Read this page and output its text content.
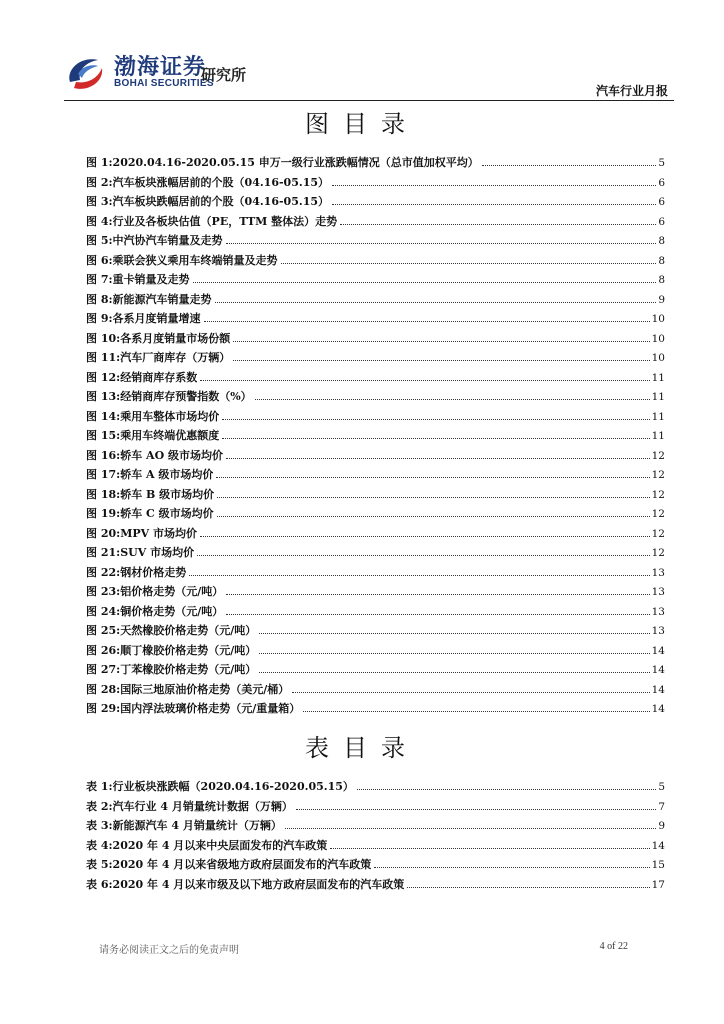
渤海证券
BOHAI SECURITIES
研究所
汽车行业月报
图目录
图 1: 2020.04.16-2020.05.15 申万一级行业涨跌幅情况（总市值加权平均）	5
图 2: 汽车板块涨幅居前的个股（04.16-05.15）	6
图 3: 汽车板块跌幅居前的个股（04.16-05.15）	6
图 4: 行业及各板块估值（PE，TTM 整体法）走势	6
图 5: 中汽协汽车销量及走势	8
图 6: 乘联会狭义乘用车终端销量及走势	8
图 7: 重卡销量及走势	8
图 8: 新能源汽车销量走势	9
图 9: 各系月度销量增速	10
图 10: 各系月度销量市场份额	10
图 11: 汽车厂商库存（万辆）	10
图 12: 经销商库存系数	11
图 13: 经销商库存预警指数（%）	11
图 14: 乘用车整体市场均价	11
图 15: 乘用车终端优惠额度	11
图 16: 轿车 AO 级市场均价	12
图 17: 轿车 A 级市场均价	12
图 18: 轿车 B 级市场均价	12
图 19: 轿车 C 级市场均价	12
图 20: MPV 市场均价	12
图 21: SUV 市场均价	12
图 22: 钢材价格走势	13
图 23: 铝价格走势（元/吨）	13
图 24: 铜价格走势（元/吨）	13
图 25: 天然橡胶价格走势（元/吨）	13
图 26: 顺丁橡胶价格走势（元/吨）	14
图 27: 丁苯橡胶价格走势（元/吨）	14
图 28: 国际三地原油价格走势（美元/桶）	14
图 29: 国内浮法玻璃价格走势（元/重量箱）	14
表目录
表 1: 行业板块涨跌幅（2020.04.16-2020.05.15）	5
表 2: 汽车行业 4 月销量统计数据（万辆）	7
表 3: 新能源汽车 4 月销量统计（万辆）	9
表 4: 2020 年 4 月以来中央层面发布的汽车政策	14
表 5: 2020 年 4 月以来省级地方政府层面发布的汽车政策	15
表 6: 2020 年 4 月以来市级及以下地方政府层面发布的汽车政策	17
请务必阅读正文之后的免责声明	4 of 22
